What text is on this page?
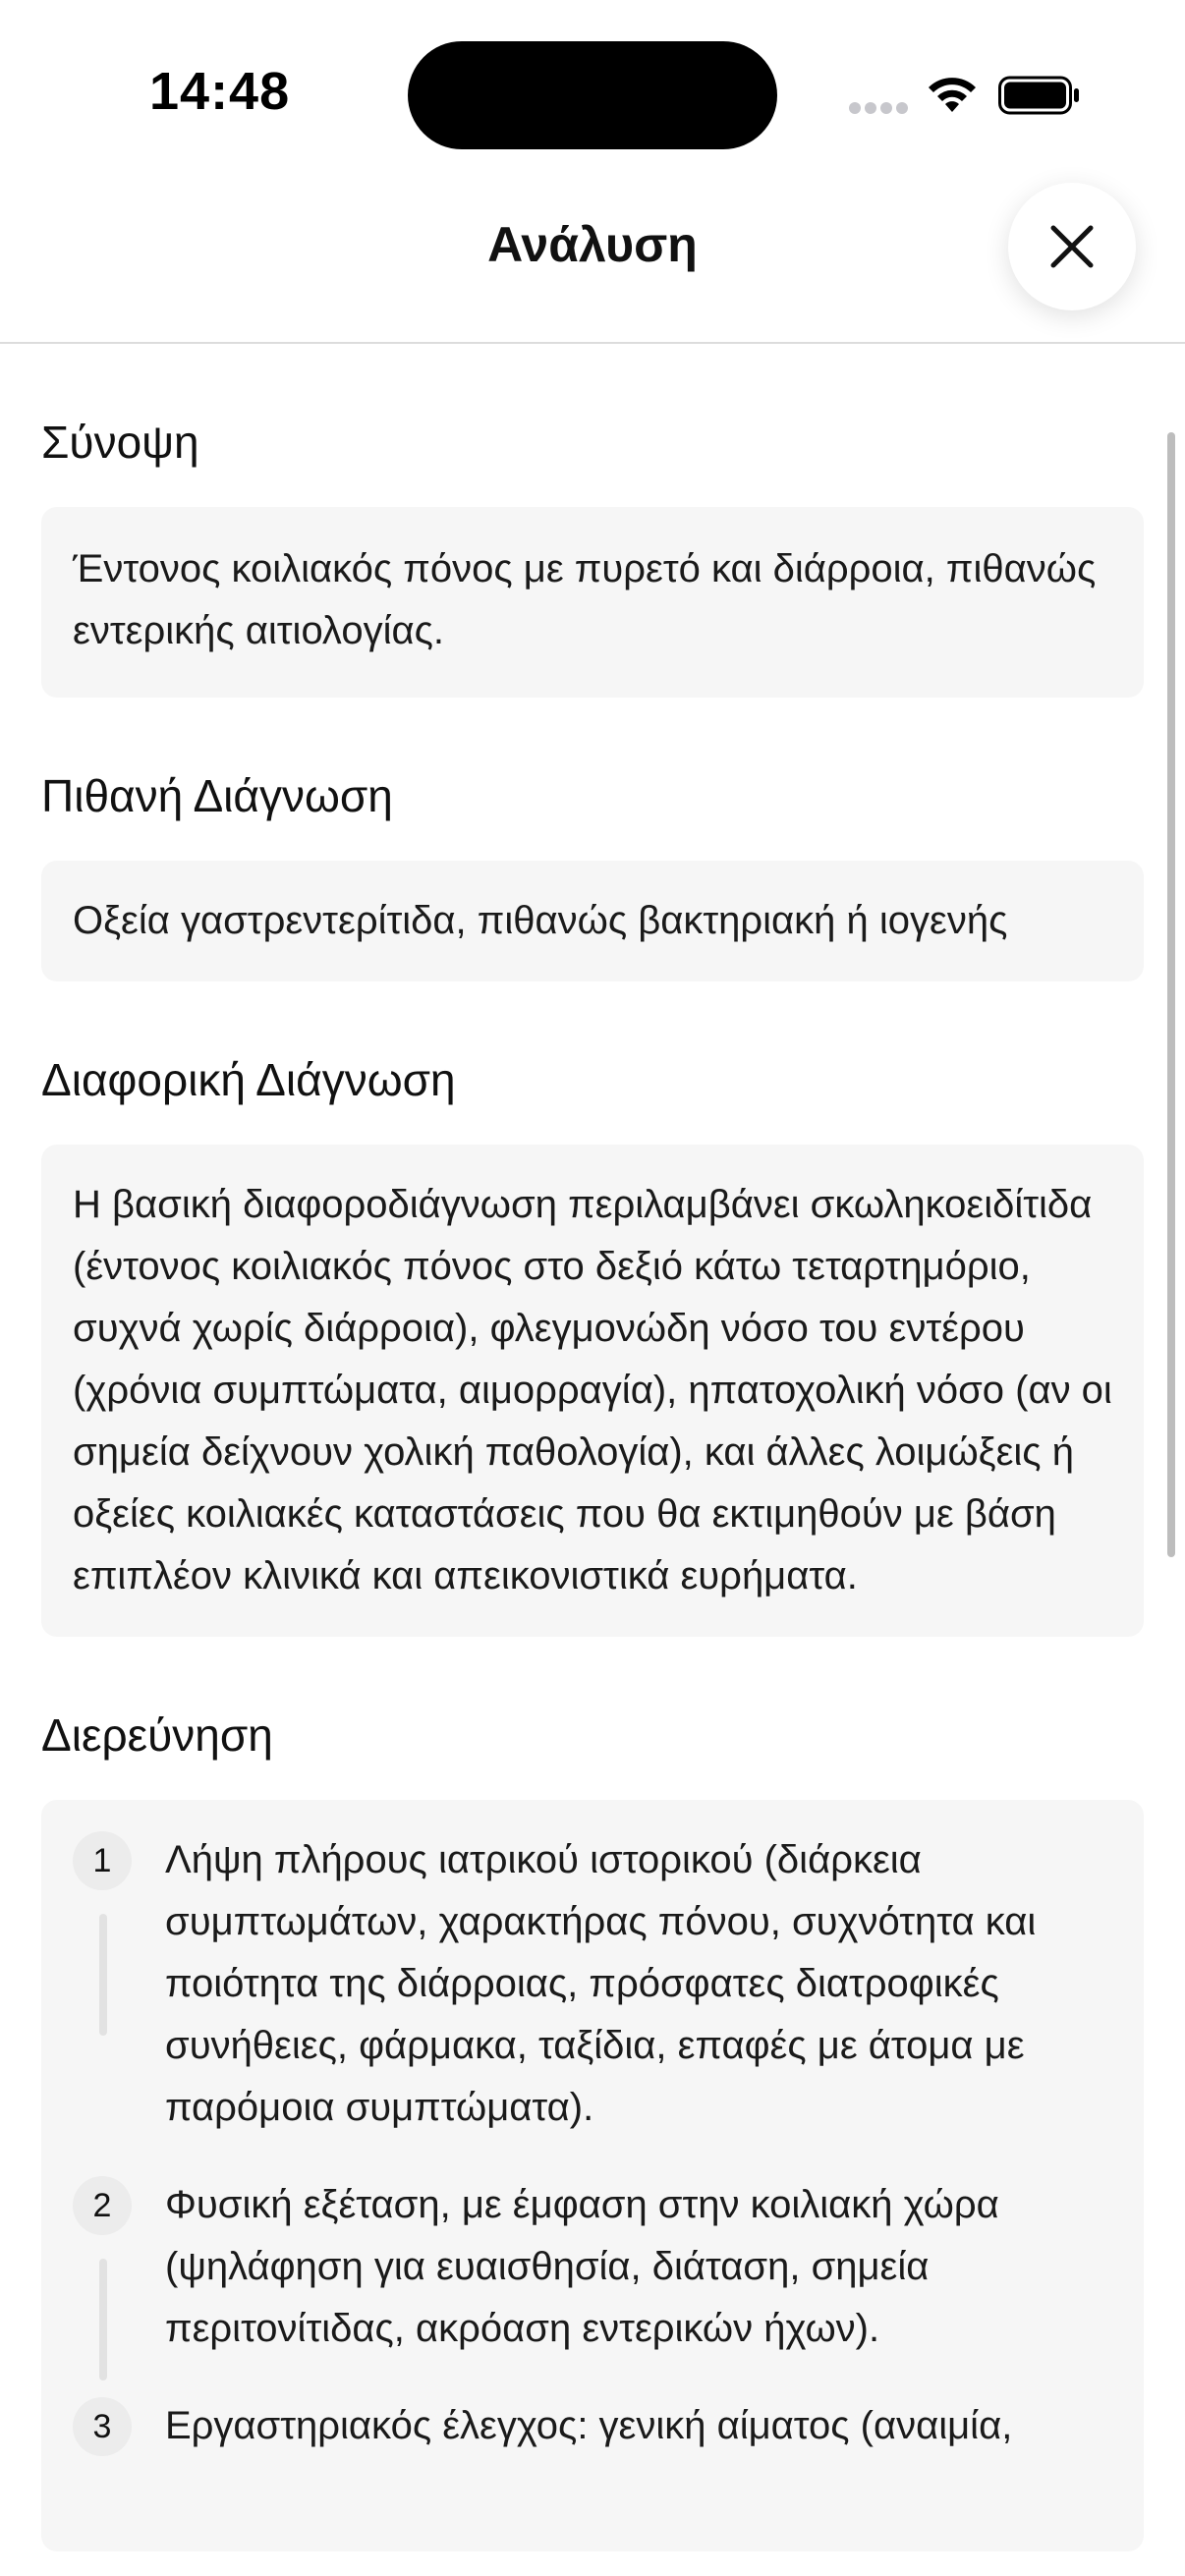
14:48
Ανάλυση
Σύνοψη
Έντονος κοιλιακός πόνος με πυρετό και διάρροια, πιθανώς εντερικής αιτιολογίας.
Πιθανή Διάγνωση
Οξεία γαστρεντερίτιδα, πιθανώς βακτηριακή ή ιογενής
Διαφορική Διάγνωση
Η βασική διαφοροδιάγνωση περιλαμβάνει σκωληκοειδίτιδα (έντονος κοιλιακός πόνος στο δεξιό κάτω τεταρτημόριο, συχνά χωρίς διάρροια), φλεγμονώδη νόσο του εντέρου (χρόνια συμπτώματα, αιμορραγία), ηπατοχολική νόσο (αν οι σημεία δείχνουν χολική παθολογία), και άλλες λοιμώξεις ή οξείες κοιλιακές καταστάσεις που θα εκτιμηθούν με βάση επιπλέον κλινικά και απεικονιστικά ευρήματα.
Διερεύνηση
1	Λήψη πλήρους ιατρικού ιστορικού (διάρκεια συμπτωμάτων, χαρακτήρας πόνου, συχνότητα και ποιότητα της διάρροιας, πρόσφατες διατροφικές συνήθειες, φάρμακα, ταξίδια, επαφές με άτομα με παρόμοια συμπτώματα).
2	Φυσική εξέταση, με έμφαση στην κοιλιακή χώρα (ψηλάφηση για ευαισθησία, διάταση, σημεία περιτονίτιδας, ακρόαση εντερικών ήχων).
3	Εργαστηριακός έλεγχος: γενική αίματος (αναιμία,
